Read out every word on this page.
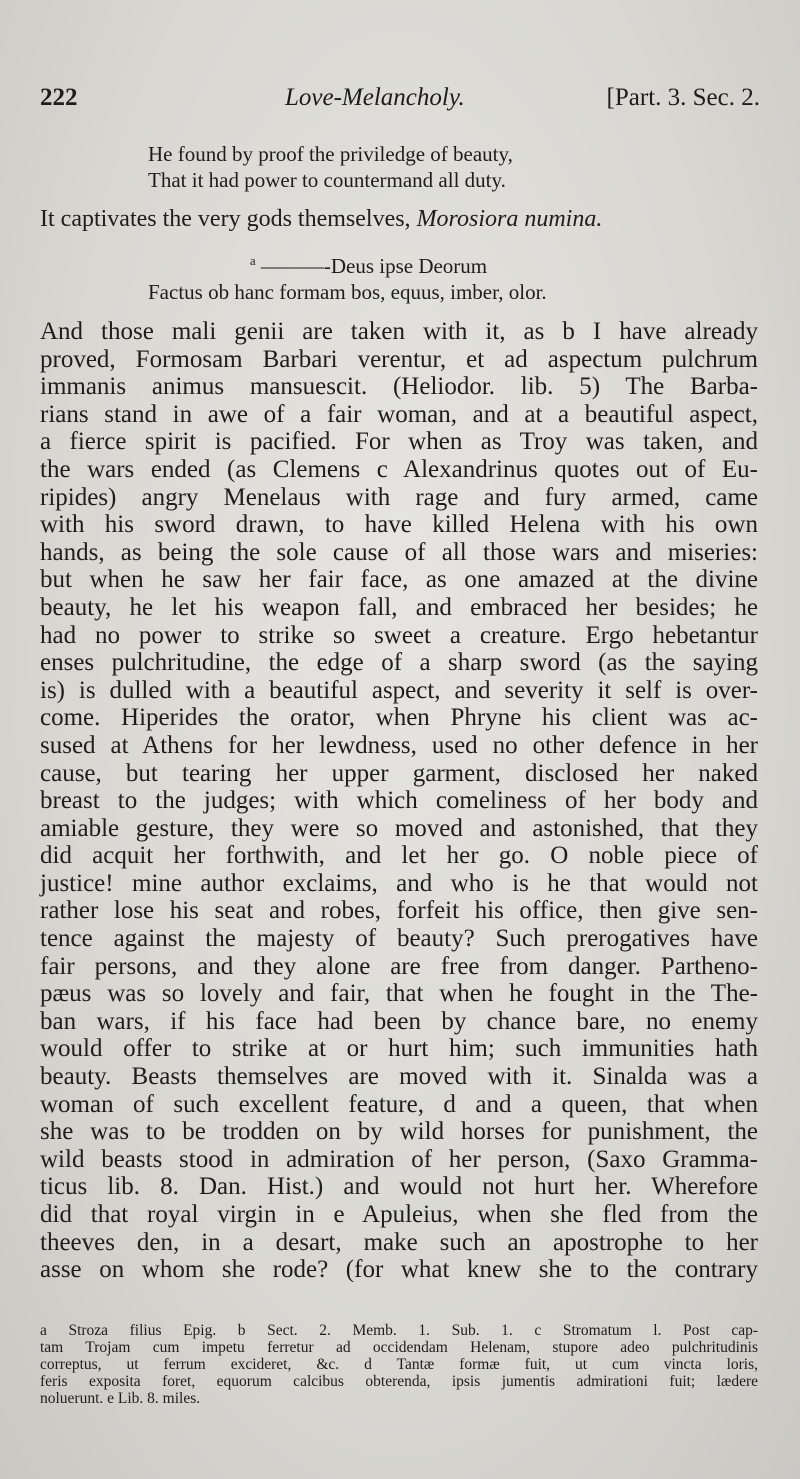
222	Love-Melancholy.	[Part. 3. Sec. 2.
He found by proof the priviledge of beauty,
That it had power to countermand all duty.
It captivates the very gods themselves, Morosiora numina.
$^a$ ———-Deus ipse Deorum
Factus ob hanc formam bos, equus, imber, olor.
And those mali genii are taken with it, as b I have already
proved, Formosam Barbari verentur, et ad aspectum pulchrum
immanis animus mansuescit. (Heliodor. lib. 5) The Barba-
rians stand in awe of a fair woman, and at a beautiful aspect,
a fierce spirit is pacified. For when as Troy was taken, and
the wars ended (as Clemens c Alexandrinus quotes out of Eu-
ripides) angry Menelaus with rage and fury armed, came
with his sword drawn, to have killed Helena with his own
hands, as being the sole cause of all those wars and miseries:
but when he saw her fair face, as one amazed at the divine
beauty, he let his weapon fall, and embraced her besides; he
had no power to strike so sweet a creature. Ergo hebetantur
enses pulchritudine, the edge of a sharp sword (as the saying
is) is dulled with a beautiful aspect, and severity it self is over-
come. Hiperides the orator, when Phryne his client was ac-
sused at Athens for her lewdness, used no other defence in her
cause, but tearing her upper garment, disclosed her naked
breast to the judges; with which comeliness of her body and
amiable gesture, they were so moved and astonished, that they
did acquit her forthwith, and let her go. O noble piece of
justice! mine author exclaims, and who is he that would not
rather lose his seat and robes, forfeit his office, then give sen-
tence against the majesty of beauty? Such prerogatives have
fair persons, and they alone are free from danger. Partheno-
pæus was so lovely and fair, that when he fought in the The-
ban wars, if his face had been by chance bare, no enemy
would offer to strike at or hurt him; such immunities hath
beauty. Beasts themselves are moved with it. Sinalda was a
woman of such excellent feature, d and a queen, that when
she was to be trodden on by wild horses for punishment, the
wild beasts stood in admiration of her person, (Saxo Gramma-
ticus lib. 8. Dan. Hist.) and would not hurt her. Wherefore
did that royal virgin in e Apuleius, when she fled from the
theeves den, in a desart, make such an apostrophe to her
asse on whom she rode? (for what knew she to the contrary
a Stroza filius Epig. b Sect. 2. Memb. 1. Sub. 1. c Stromatum l. Post cap-
tam Trojam cum impetu ferretur ad occidendam Helenam, stupore adeo pulchritudinis
correptus, ut ferrum excideret, &c. d Tantæ formæ fuit, ut cum vincta loris,
feris exposita foret, equorum calcibus obterenda, ipsis jumentis admirationi fuit; lædere
noluerunt. e Lib. 8. miles.
